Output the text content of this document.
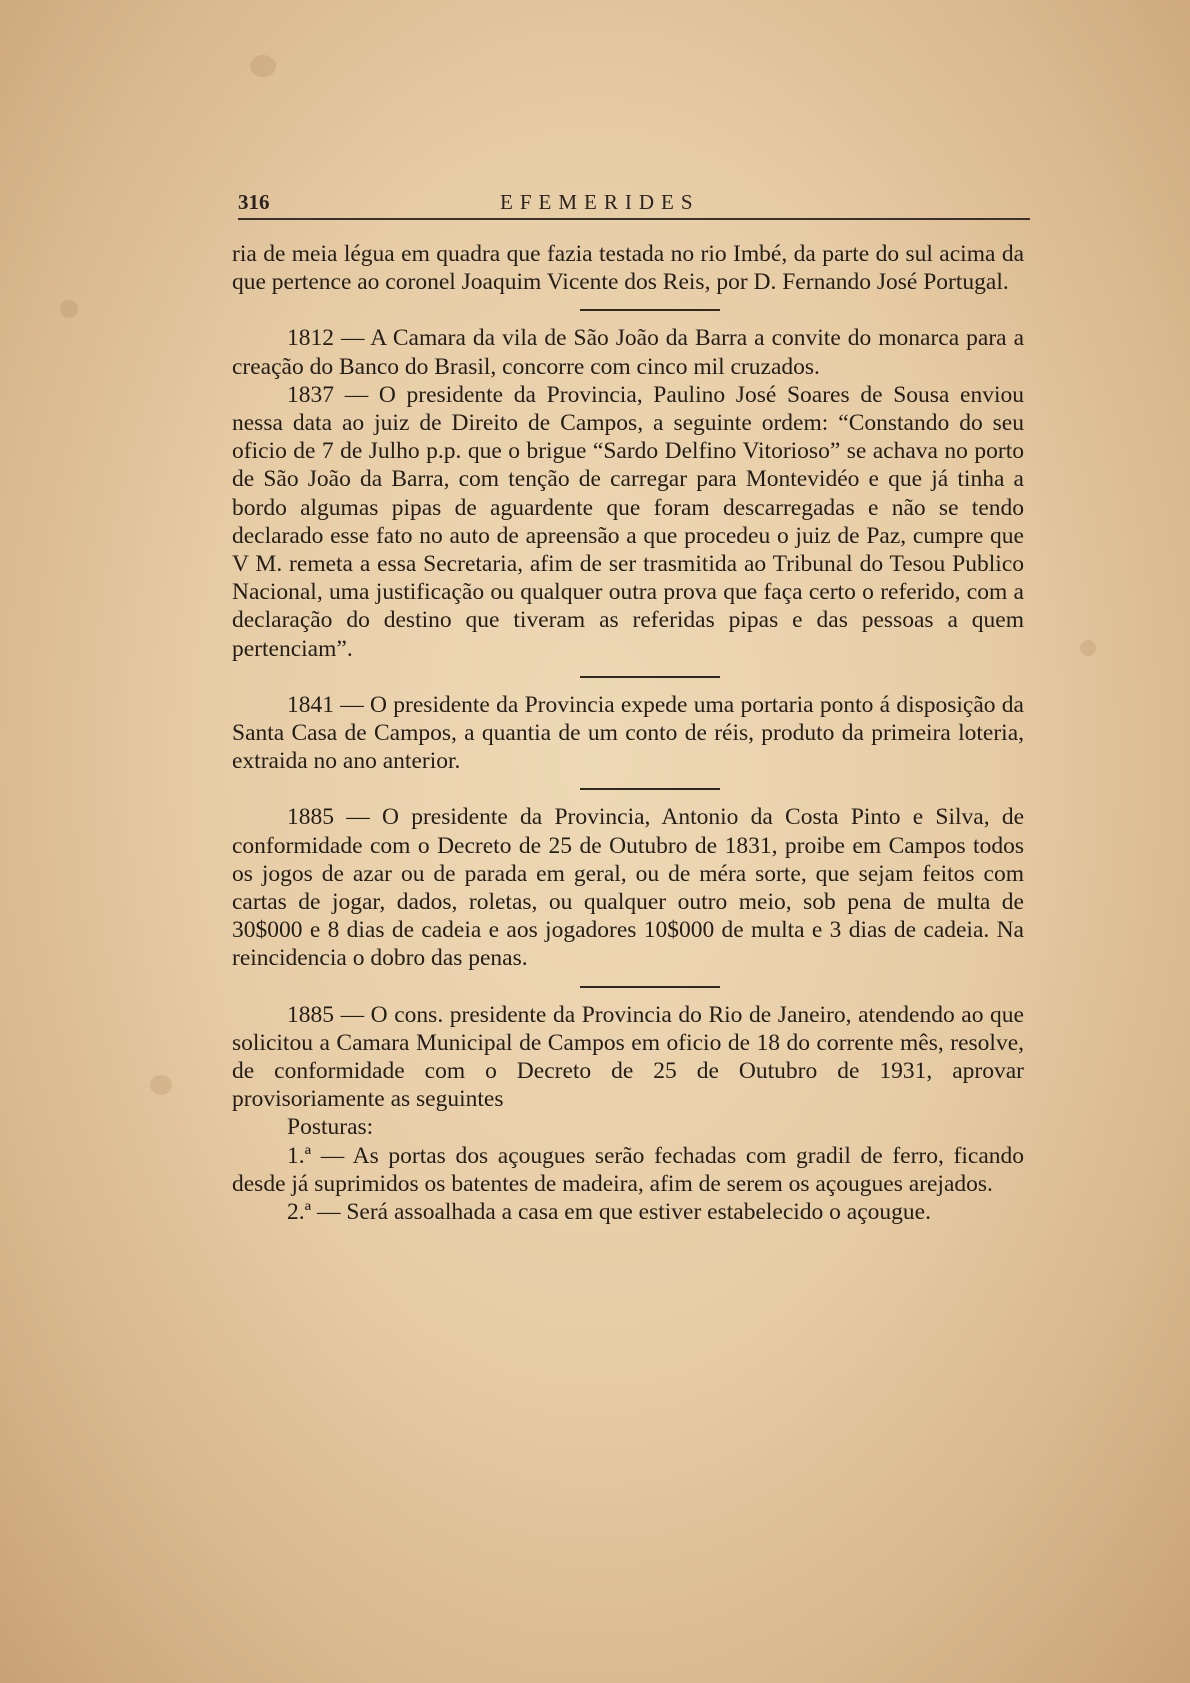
316	EFEMERIDES

ria de meia légua em quadra que fazia testada no rio Imbé, da parte do sul acima da que pertence ao coronel Joaquim Vicente dos Reis, por D. Fernando José Portugal.

1812 — A Camara da vila de São João da Barra a convite do monarca para a creação do Banco do Brasil, concorre com cinco mil cruzados.

1837 — O presidente da Provincia, Paulino José Soares de Sousa enviou nessa data ao juiz de Direito de Campos, a seguinte ordem: “Constando do seu oficio de 7 de Julho p.p. que o brigue “Sardo Delfino Vitorioso” se achava no porto de São João da Barra, com tenção de carregar para Montevidéo e que já tinha a bordo algumas pipas de aguardente que foram descarregadas e não se tendo declarado esse fato no auto de apreensão a que procedeu o juiz de Paz, cumpre que V M. remeta a essa Secretaria, afim de ser trasmitida ao Tribunal do Tesou Publico Nacional, uma justificação ou qualquer outra prova que faça certo o referido, com a declaração do destino que tiveram as referidas pipas e das pessoas a quem pertenciam”.

1841 — O presidente da Provincia expede uma portaria ponto á disposição da Santa Casa de Campos, a quantia de um conto de réis, produto da primeira loteria, extraida no ano anterior.

1885 — O presidente da Provincia, Antonio da Costa Pinto e Silva, de conformidade com o Decreto de 25 de Outubro de 1831, proibe em Campos todos os jogos de azar ou de parada em geral, ou de méra sorte, que sejam feitos com cartas de jogar, dados, roletas, ou qualquer outro meio, sob pena de multa de 30$000 e 8 dias de cadeia e aos jogadores 10$000 de multa e 3 dias de cadeia. Na reincidencia o dobro das penas.

1885 — O cons. presidente da Provincia do Rio de Janeiro, atendendo ao que solicitou a Camara Municipal de Campos em oficio de 18 do corrente mês, resolve, de conformidade com o Decreto de 25 de Outubro de 1931, aprovar provisoriamente as seguintes

Posturas:

1.ª — As portas dos açougues serão fechadas com gradil de ferro, ficando desde já suprimidos os batentes de madeira, afim de serem os açougues arejados.

2.ª — Será assoalhada a casa em que estiver estabelecido o açougue.
